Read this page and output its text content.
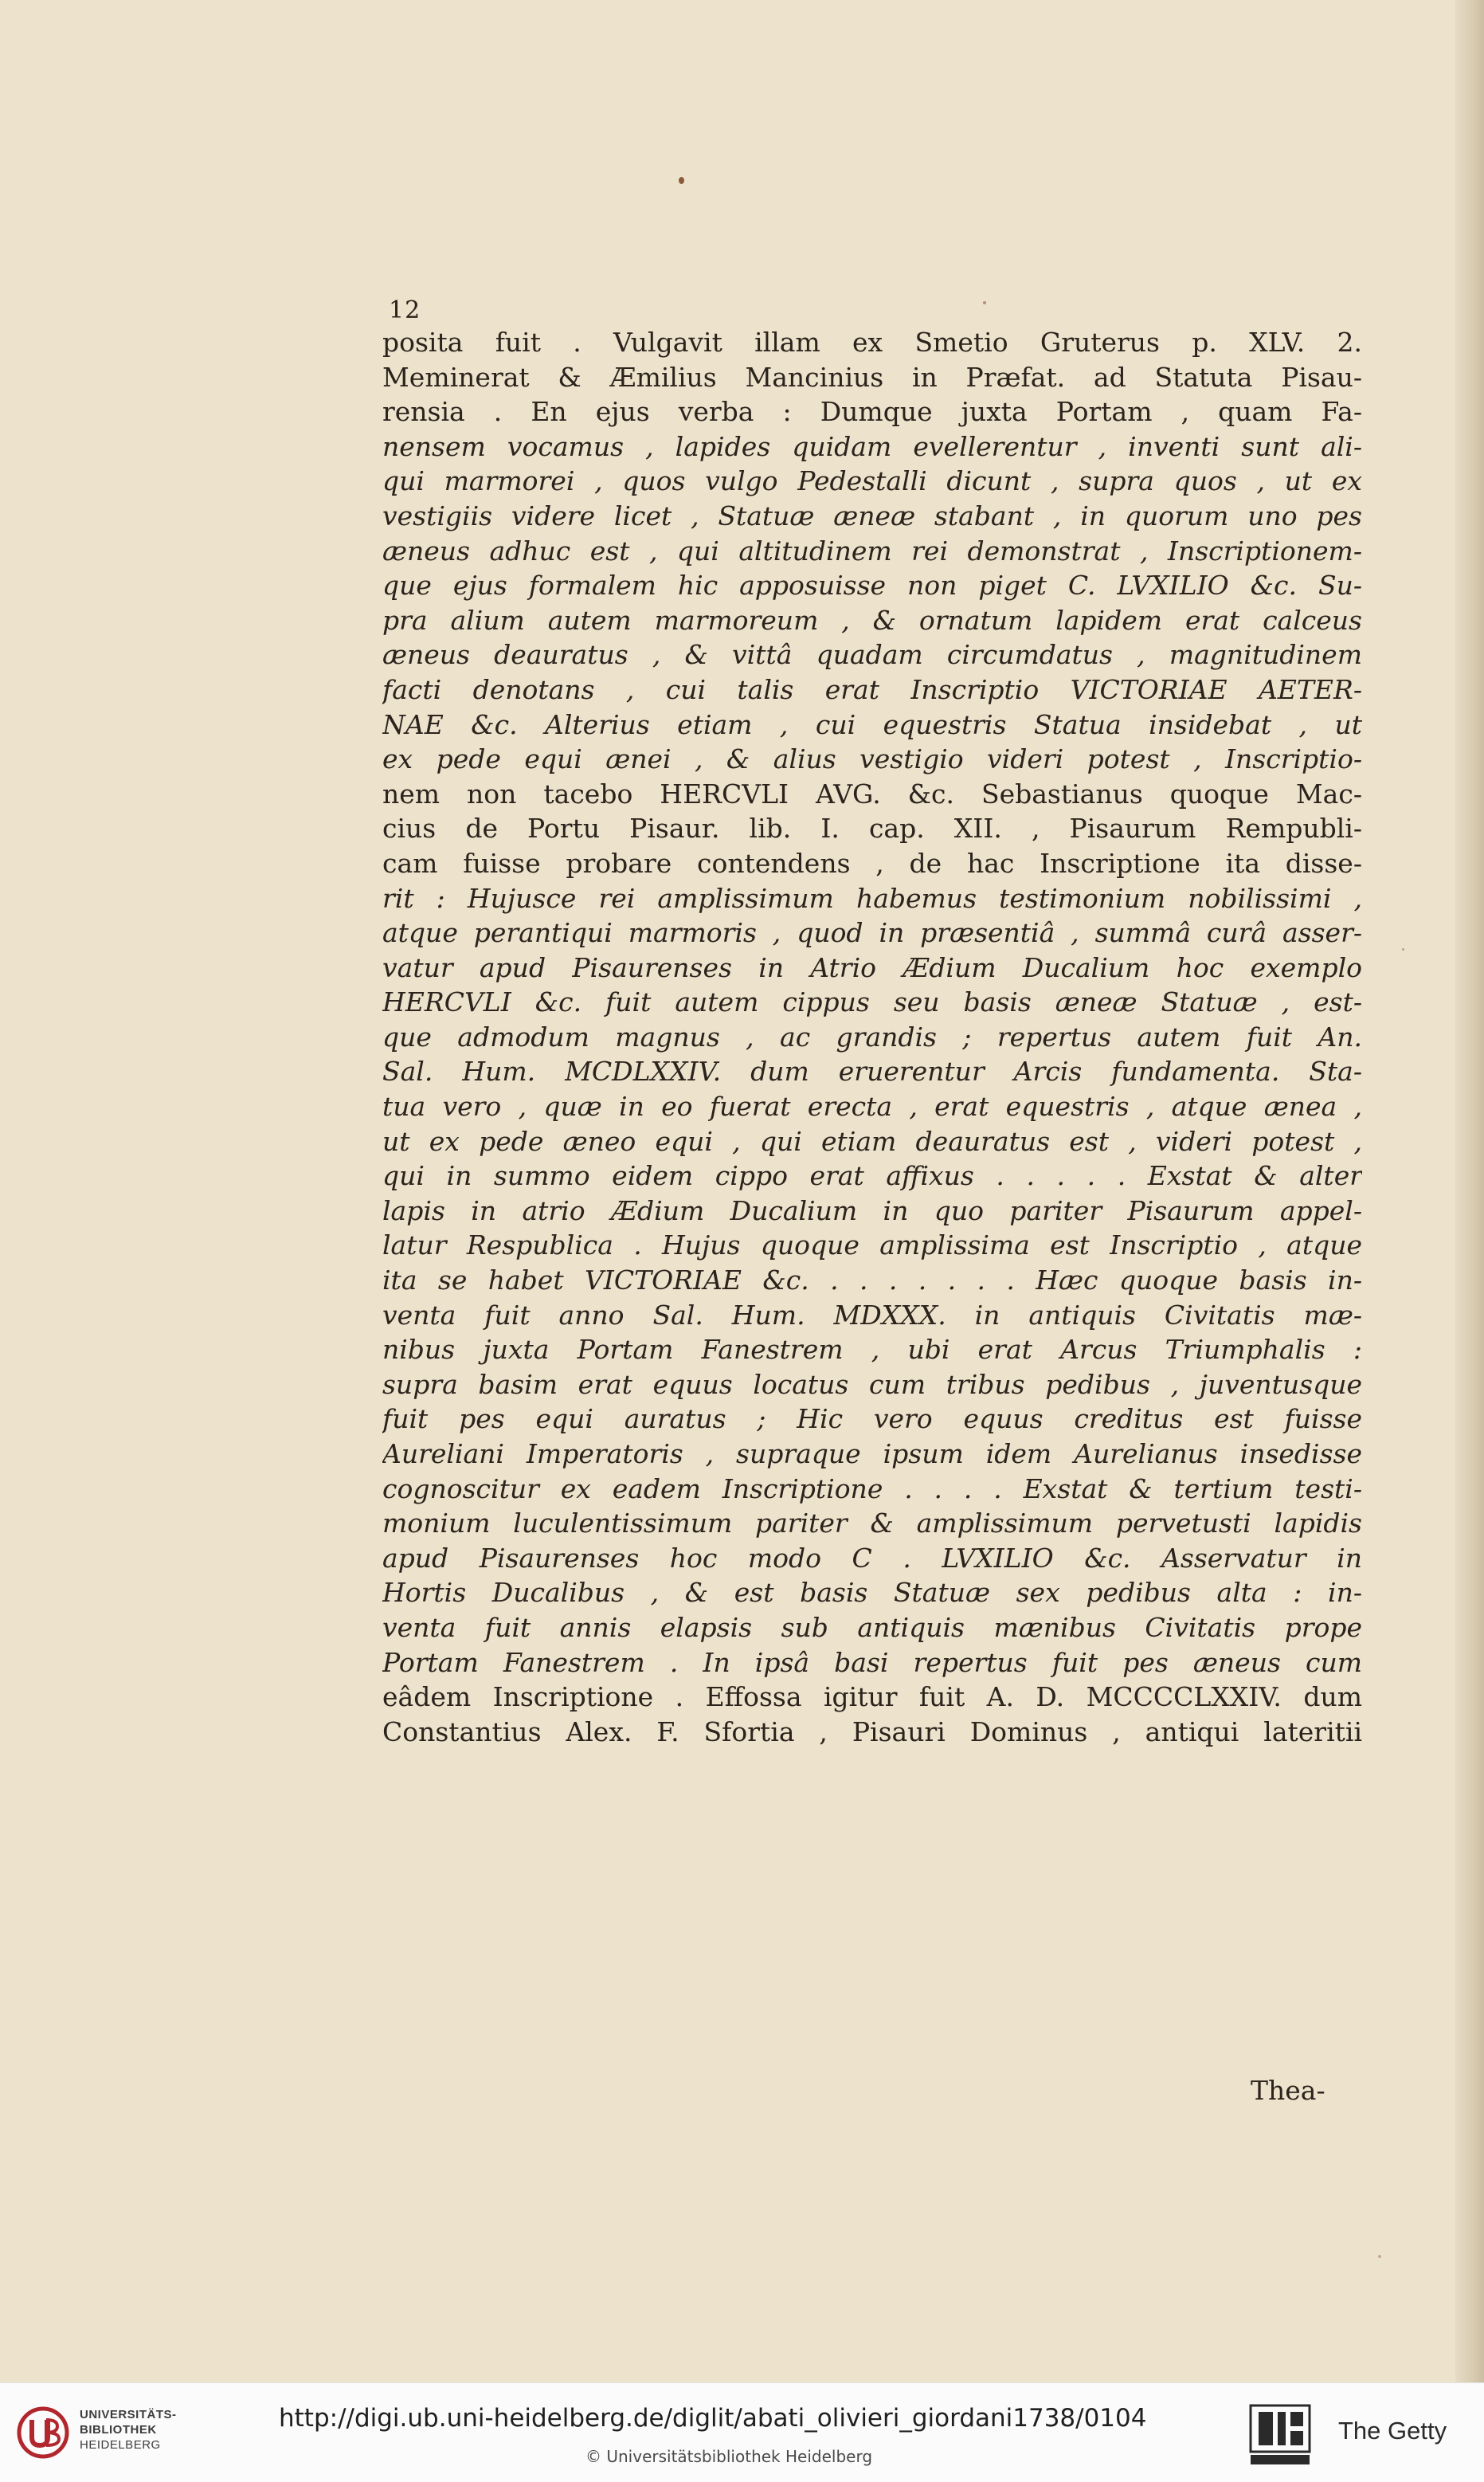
12
posita fuit . Vulgavit illam ex Smetio Gruterus p. XLV. 2.
Meminerat & Æmilius Mancinius in Præfat. ad Statuta Pisau-
rensia . En ejus verba : Dumque juxta Portam , quam Fa-
nensem vocamus , lapides quidam evellerentur , inventi sunt ali-
qui marmorei , quos vulgo Pedestalli dicunt , supra quos , ut ex
vestigiis videre licet , Statuæ æneæ stabant , in quorum uno pes
æneus adhuc est , qui altitudinem rei demonstrat , Inscriptionem-
que ejus formalem hic apposuisse non piget C. LVXILIO &c. Su-
pra alium autem marmoreum , & ornatum lapidem erat calceus
æneus deauratus , & vittâ quadam circumdatus , magnitudinem
facti denotans , cui talis erat Inscriptio VICTORIAE AETER-
NAE &c. Alterius etiam , cui equestris Statua insidebat , ut
ex pede equi ænei , & alius vestigio videri potest , Inscriptio-
nem non tacebo HERCVLI AVG. &c. Sebastianus quoque Mac-
cius de Portu Pisaur. lib. I. cap. XII. , Pisaurum Rempubli-
cam fuisse probare contendens , de hac Inscriptione ita disse-
rit : Hujusce rei amplissimum habemus testimonium nobilissimi ,
atque perantiqui marmoris , quod in præsentiâ , summâ curâ asser-
vatur apud Pisaurenses in Atrio Ædium Ducalium hoc exemplo
HERCVLI &c. fuit autem cippus seu basis æneæ Statuæ , est-
que admodum magnus , ac grandis ; repertus autem fuit An.
Sal. Hum. MCDLXXIV. dum eruerentur Arcis fundamenta. Sta-
tua vero , quæ in eo fuerat erecta , erat equestris , atque ænea ,
ut ex pede æneo equi , qui etiam deauratus est , videri potest ,
qui in summo eidem cippo erat affixus . . . . . Exstat & alter
lapis in atrio Ædium Ducalium in quo pariter Pisaurum appel-
latur Respublica . Hujus quoque amplissima est Inscriptio , atque
ita se habet VICTORIAE &c. . . . . . . . Hæc quoque basis in-
venta fuit anno Sal. Hum. MDXXX. in antiquis Civitatis mæ-
nibus juxta Portam Fanestrem , ubi erat Arcus Triumphalis :
supra basim erat equus locatus cum tribus pedibus , juventusque
fuit pes equi auratus ; Hic vero equus creditus est fuisse
Aureliani Imperatoris , supraque ipsum idem Aurelianus insedisse
cognoscitur ex eadem Inscriptione . . . . Exstat & tertium testi-
monium luculentissimum pariter & amplissimum pervetusti lapidis
apud Pisaurenses hoc modo C . LVXILIO &c. Asservatur in
Hortis Ducalibus , & est basis Statuæ sex pedibus alta : in-
venta fuit annis elapsis sub antiquis mænibus Civitatis prope
Portam Fanestrem . In ipsâ basi repertus fuit pes æneus cum
eâdem Inscriptione . Effossa igitur fuit A. D. MCCCCLXXIV. dum
Constantius Alex. F. Sfortia , Pisauri Dominus , antiqui lateritii
Thea-
UNIVERSITÄTS-
BIBLIOTHEK
HEIDELBERG
http://digi.ub.uni-heidelberg.de/diglit/abati_olivieri_giordani1738/0104
© Universitätsbibliothek Heidelberg
The Getty
